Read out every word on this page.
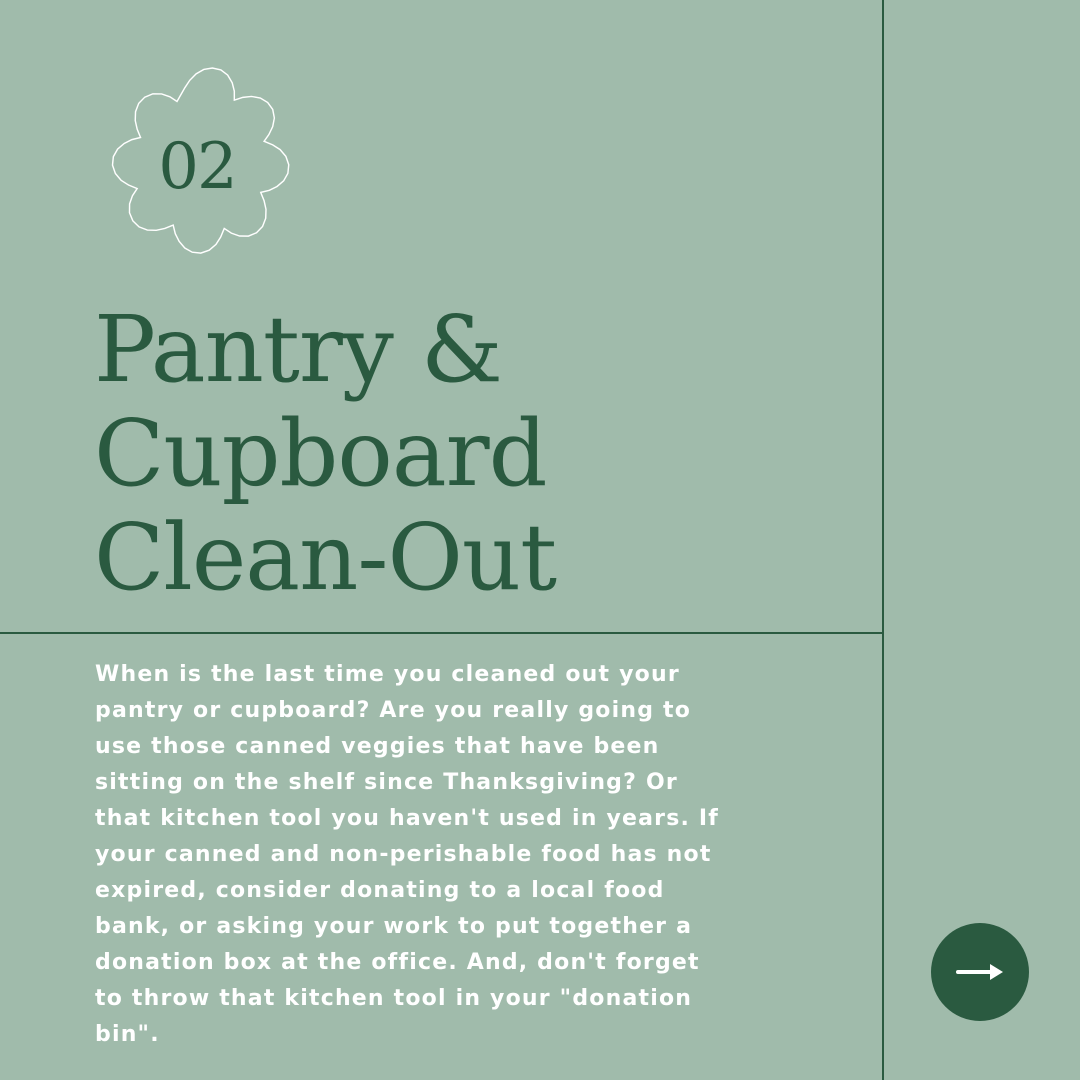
02
Pantry &
Cupboard
Clean-Out

When is the last time you cleaned out your
pantry or cupboard? Are you really going to
use those canned veggies that have been
sitting on the shelf since Thanksgiving? Or
that kitchen tool you haven't used in years. If
your canned and non-perishable food has not
expired, consider donating to a local food
bank, or asking your work to put together a
donation box at the office. And, don't forget
to throw that kitchen tool in your "donation
bin".
